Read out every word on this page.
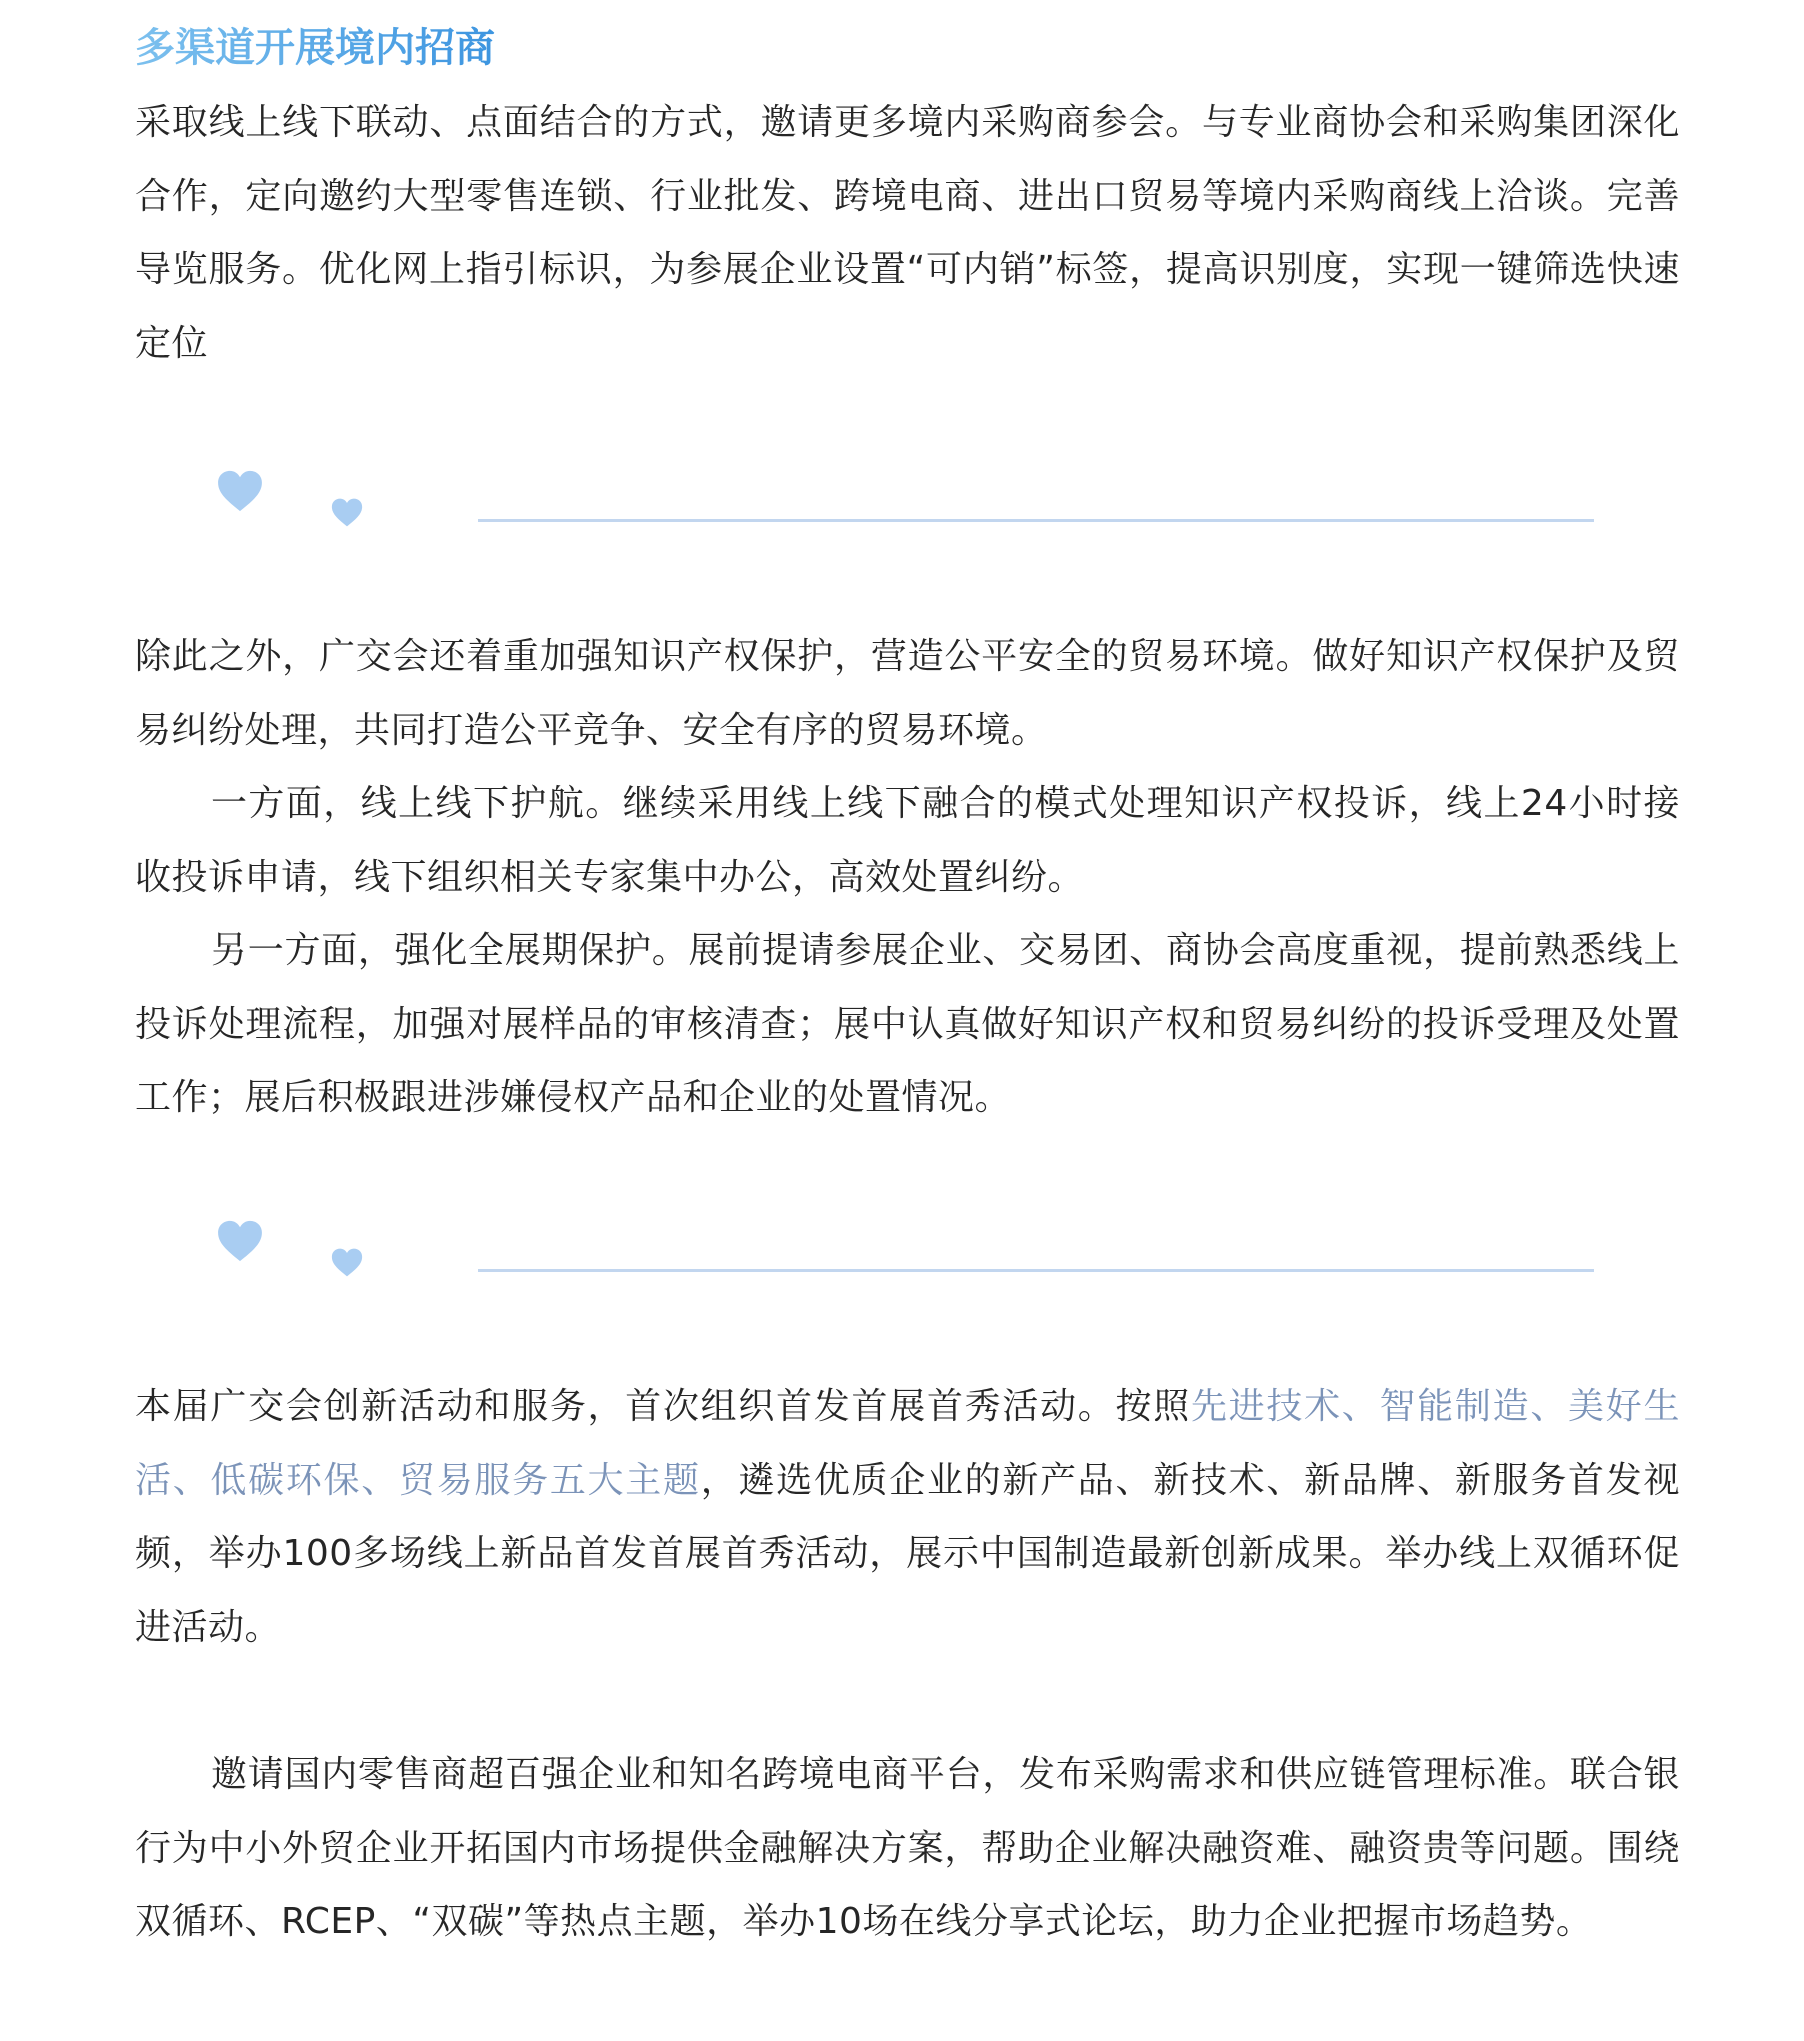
多渠道开展境内招商

采取线上线下联动、点面结合的方式，邀请更多境内采购商参会。与专业商协会和采购集团深化合作，定向邀约大型零售连锁、行业批发、跨境电商、进出口贸易等境内采购商线上洽谈。完善导览服务。优化网上指引标识，为参展企业设置“可内销”标签，提高识别度，实现一键筛选快速定位

除此之外，广交会还着重加强知识产权保护，营造公平安全的贸易环境。做好知识产权保护及贸易纠纷处理，共同打造公平竞争、安全有序的贸易环境。

一方面，线上线下护航。继续采用线上线下融合的模式处理知识产权投诉，线上24小时接收投诉申请，线下组织相关专家集中办公，高效处置纠纷。

另一方面，强化全展期保护。展前提请参展企业、交易团、商协会高度重视，提前熟悉线上投诉处理流程，加强对展样品的审核清查；展中认真做好知识产权和贸易纠纷的投诉受理及处置工作；展后积极跟进涉嫌侵权产品和企业的处置情况。

本届广交会创新活动和服务，首次组织首发首展首秀活动。按照先进技术、智能制造、美好生活、低碳环保、贸易服务五大主题，遴选优质企业的新产品、新技术、新品牌、新服务首发视频，举办100多场线上新品首发首展首秀活动，展示中国制造最新创新成果。举办线上双循环促进活动。

邀请国内零售商超百强企业和知名跨境电商平台，发布采购需求和供应链管理标准。联合银行为中小外贸企业开拓国内市场提供金融解决方案，帮助企业解决融资难、融资贵等问题。围绕双循环、RCEP、“双碳”等热点主题，举办10场在线分享式论坛，助力企业把握市场趋势。
